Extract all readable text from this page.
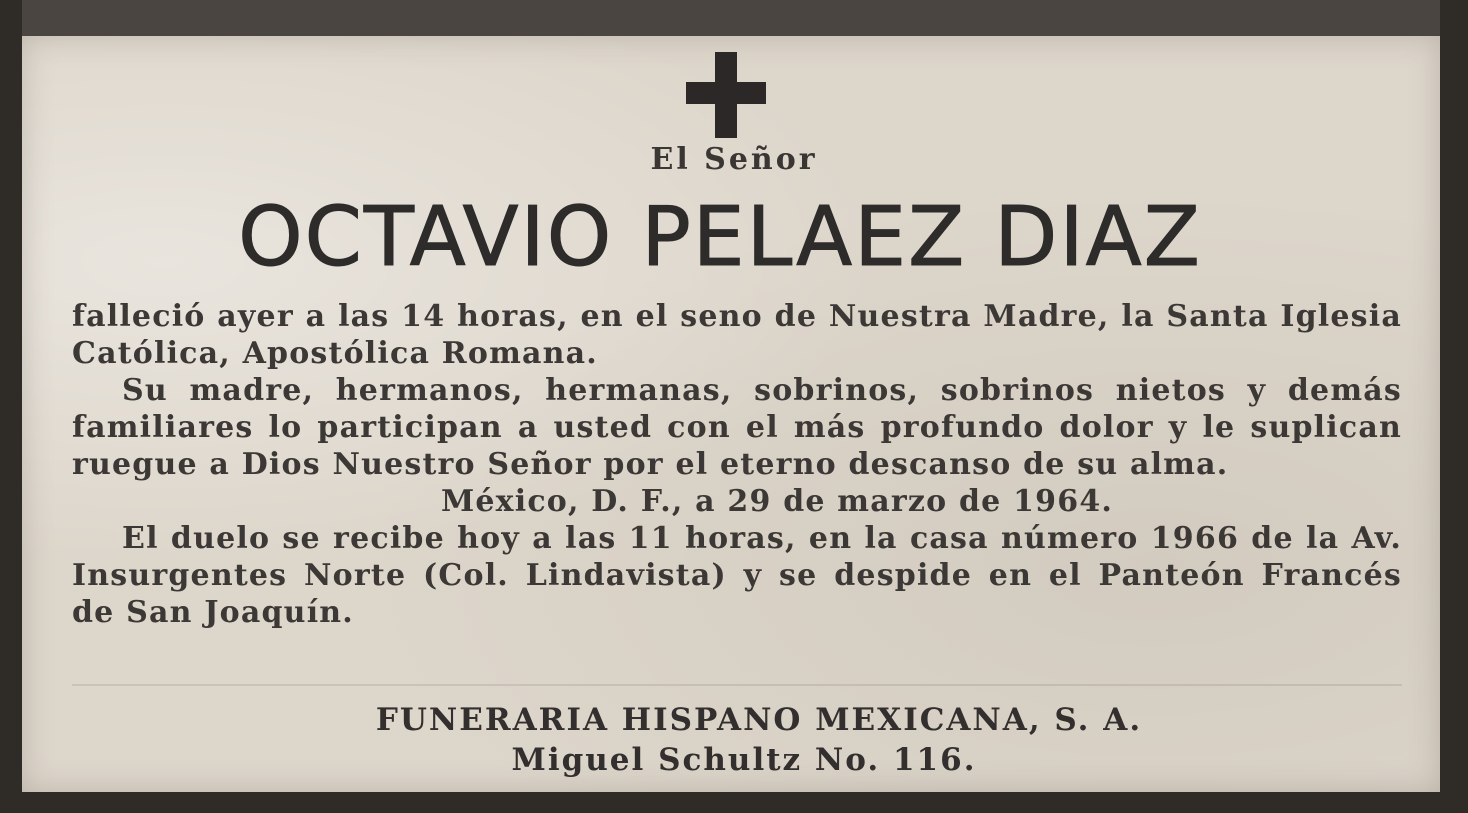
El Señor
OCTAVIO PELAEZ DIAZ

falleció ayer a las 14 horas, en el seno de Nuestra Madre, la Santa Iglesia Católica, Apostólica Romana.

Su madre, hermanos, hermanas, sobrinos, sobrinos nietos y demás familiares lo participan a usted con el más profundo dolor y le suplican ruegue a Dios Nuestro Señor por el eterno descanso de su alma.

México, D. F., a 29 de marzo de 1964.

El duelo se recibe hoy a las 11 horas, en la casa número 1966 de la Av. Insurgentes Norte (Col. Lindavista) y se despide en el Panteón Francés de San Joaquín.

FUNERARIA HISPANO MEXICANA, S. A.
Miguel Schultz No. 116.
